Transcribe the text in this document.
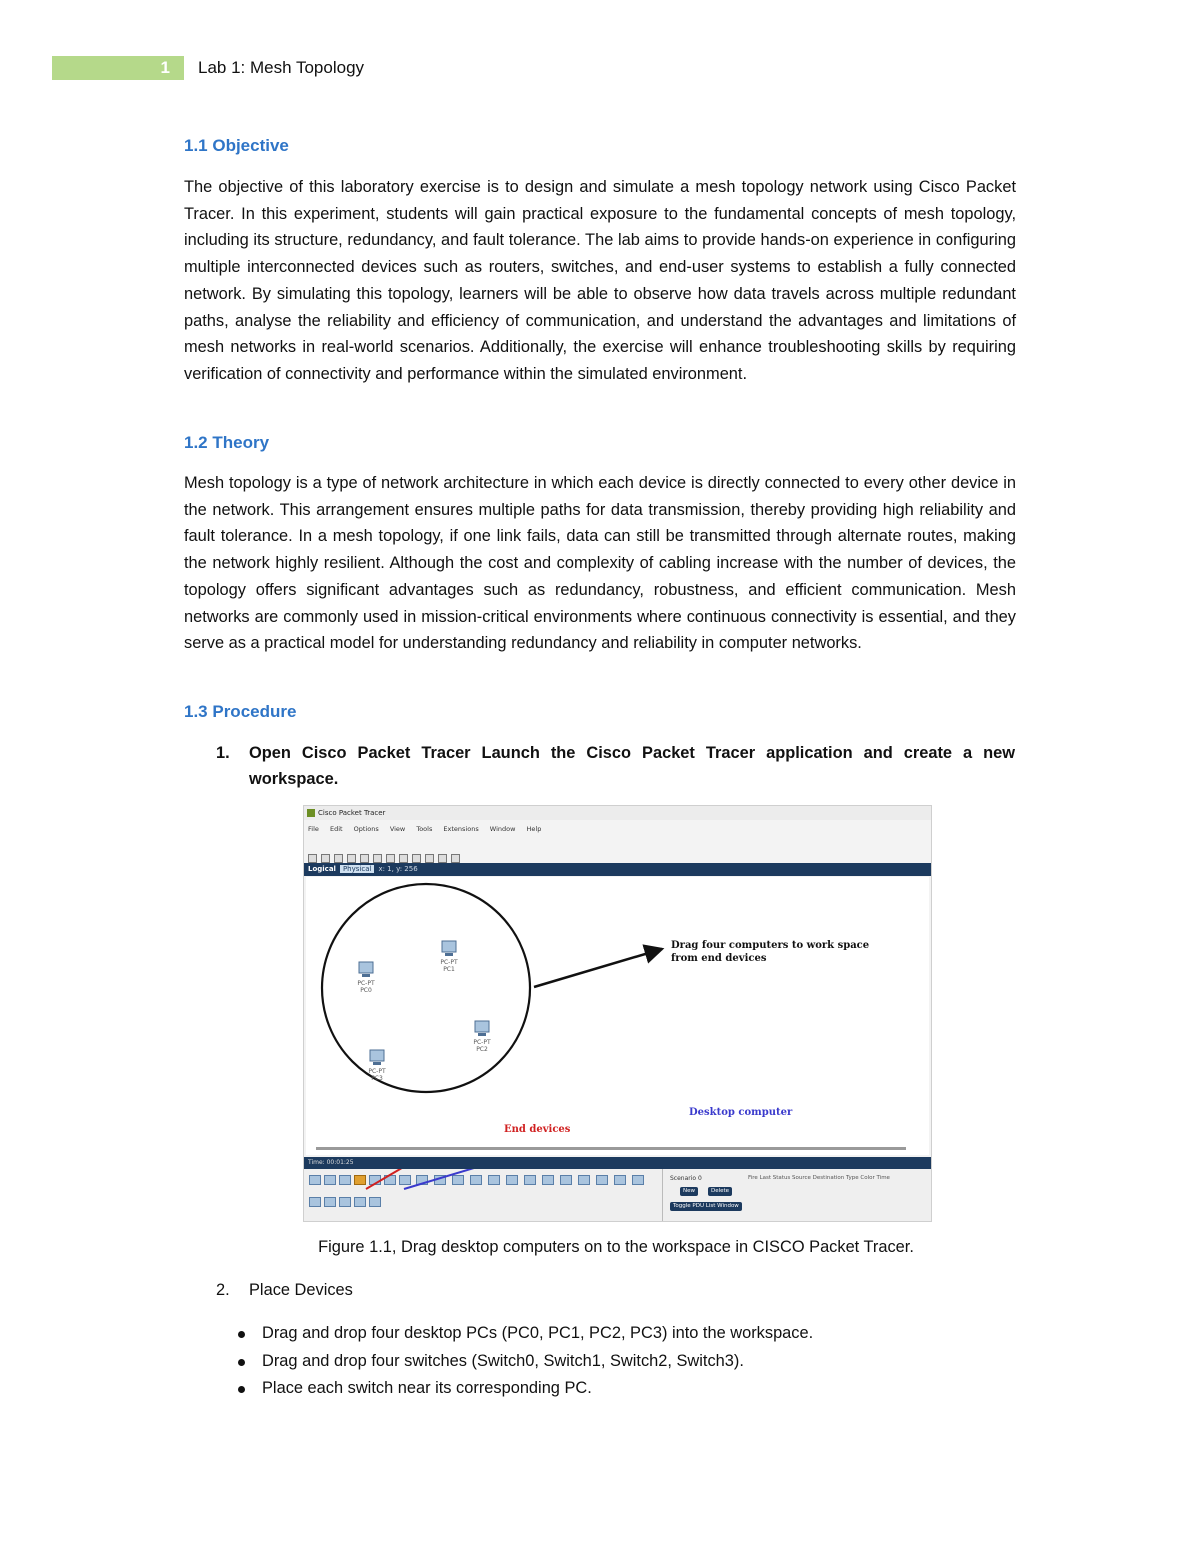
1 Lab 1: Mesh Topology
1.1 Objective
The objective of this laboratory exercise is to design and simulate a mesh topology network using Cisco Packet Tracer. In this experiment, students will gain practical exposure to the fundamental concepts of mesh topology, including its structure, redundancy, and fault tolerance. The lab aims to provide hands-on experience in configuring multiple interconnected devices such as routers, switches, and end-user systems to establish a fully connected network. By simulating this topology, learners will be able to observe how data travels across multiple redundant paths, analyse the reliability and efficiency of communication, and understand the advantages and limitations of mesh networks in real-world scenarios. Additionally, the exercise will enhance troubleshooting skills by requiring verification of connectivity and performance within the simulated environment.
1.2 Theory
Mesh topology is a type of network architecture in which each device is directly connected to every other device in the network. This arrangement ensures multiple paths for data transmission, thereby providing high reliability and fault tolerance. In a mesh topology, if one link fails, data can still be transmitted through alternate routes, making the network highly resilient. Although the cost and complexity of cabling increase with the number of devices, the topology offers significant advantages such as redundancy, robustness, and efficient communication. Mesh networks are commonly used in mission-critical environments where continuous connectivity is essential, and they serve as a practical model for understanding redundancy and reliability in computer networks.
1.3 Procedure
1. Open Cisco Packet Tracer Launch the Cisco Packet Tracer application and create a new workspace.
Cisco Packet Tracer
File Edit Options View Tools Extensions Window Help
Logical Physical x: 1, y: 256
PC-PT
PC0
PC-PT
PC1
PC-PT
PC2
PC-PT
PC3
Drag four computers to work space
from end devices
End devices
Desktop computer
Time: 00:01:25
Scenario 0
New	Delete
Toggle PDU List Window
Fire Last Status Source Destination Type Color Time
Figure 1.1, Drag desktop computers on to the workspace in CISCO Packet Tracer.
2. Place Devices
Drag and drop four desktop PCs (PC0, PC1, PC2, PC3) into the workspace.
Drag and drop four switches (Switch0, Switch1, Switch2, Switch3).
Place each switch near its corresponding PC.
